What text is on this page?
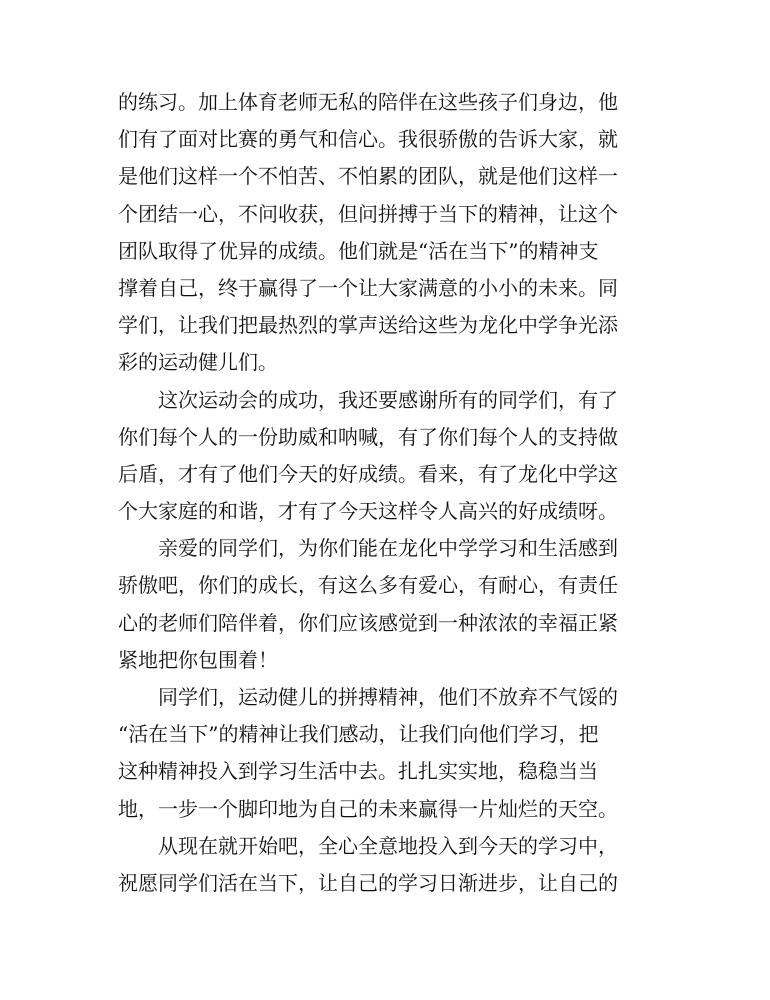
的练习。加上体育老师无私的陪伴在这些孩子们身边，他
们有了面对比赛的勇气和信心。我很骄傲的告诉大家，就
是他们这样一个不怕苦、不怕累的团队，就是他们这样一
个团结一心，不问收获，但问拼搏于当下的精神，让这个
团队取得了优异的成绩。他们就是“活在当下”的精神支
撑着自己，终于赢得了一个让大家满意的小小的未来。同
学们，让我们把最热烈的掌声送给这些为龙化中学争光添
彩的运动健儿们。

这次运动会的成功，我还要感谢所有的同学们，有了
你们每个人的一份助威和呐喊，有了你们每个人的支持做
后盾，才有了他们今天的好成绩。看来，有了龙化中学这
个大家庭的和谐，才有了今天这样令人高兴的好成绩呀。

亲爱的同学们，为你们能在龙化中学学习和生活感到
骄傲吧，你们的成长，有这么多有爱心，有耐心，有责任
心的老师们陪伴着，你们应该感觉到一种浓浓的幸福正紧
紧地把你包围着！

同学们，运动健儿的拼搏精神，他们不放弃不气馁的
“活在当下”的精神让我们感动，让我们向他们学习，把
这种精神投入到学习生活中去。扎扎实实地，稳稳当当
地，一步一个脚印地为自己的未来赢得一片灿烂的天空。

从现在就开始吧，全心全意地投入到今天的学习中，
祝愿同学们活在当下，让自己的学习日渐进步，让自己的
